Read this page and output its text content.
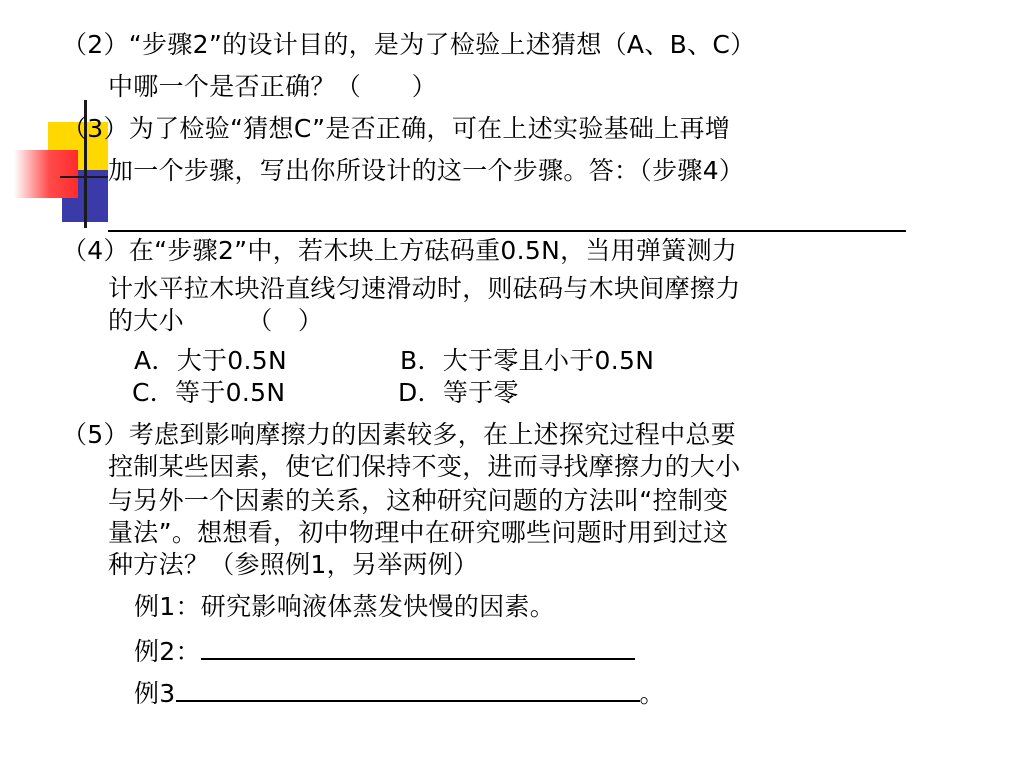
（2）“步骤2”的设计目的，是为了检验上述猜想（A、B、C）
中哪一个是否正确？（　　）
（3）为了检验“猜想C”是否正确，可在上述实验基础上再增
加一个步骤，写出你所设计的这一个步骤。答：（步骤4）
（4）在“步骤2”中，若木块上方砝码重0.5N，当用弹簧测力
计水平拉木块沿直线匀速滑动时，则砝码与木块间摩擦力
的大小　　　（　）
A．大于0.5N	B．大于零且小于0.5N
C．等于0.5N	D．等于零
（5）考虑到影响摩擦力的因素较多，在上述探究过程中总要
控制某些因素，使它们保持不变，进而寻找摩擦力的大小
与另外一个因素的关系，这种研究问题的方法叫“控制变
量法”。想想看，初中物理中在研究哪些问题时用到过这
种方法？（参照例1，另举两例）
例1：研究影响液体蒸发快慢的因素。
例2：
例3	。
